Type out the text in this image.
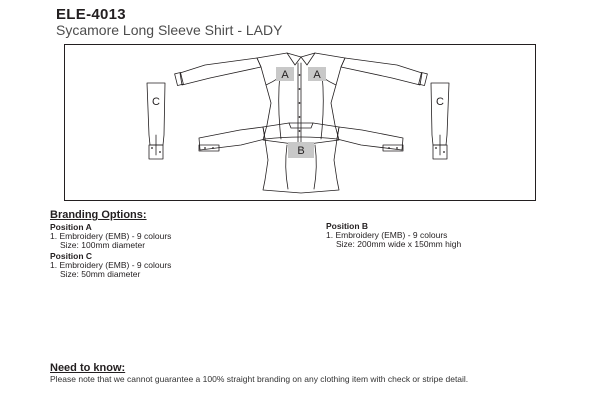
ELE-4013
Sycamore Long Sleeve Shirt - LADY
A A
C	C
B
Branding Options:
Position A
1. Embroidery (EMB) - 9 colours
Size: 100mm diameter
Position C
1. Embroidery (EMB) - 9 colours
Size: 50mm diameter
Position B
1. Embroidery (EMB) - 9 colours
Size: 200mm wide x 150mm high
Need to know:
Please note that we cannot guarantee a 100% straight branding on any clothing item with check or stripe detail.
